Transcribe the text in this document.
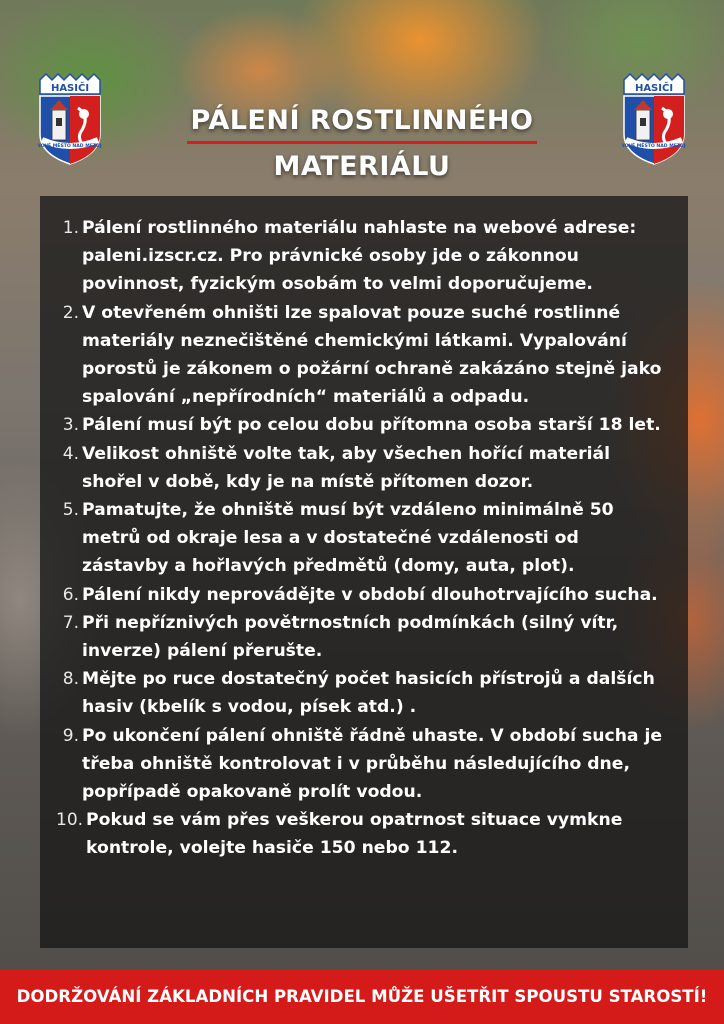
HASIČI
NOVÉ MĚSTO NAD METUJÍ
HASIČI
NOVÉ MĚSTO NAD METUJÍ
PÁLENÍ ROSTLINNÉHO
MATERIÁLU
1. Pálení rostlinného materiálu nahlaste na webové adrese: paleni.izscr.cz. Pro právnické osoby jde o zákonnou povinnost, fyzickým osobám to velmi doporučujeme.
2. V otevřeném ohništi lze spalovat pouze suché rostlinné materiály neznečištěné chemickými látkami. Vypalování porostů je zákonem o požární ochraně zakázáno stejně jako spalování „nepřírodních“ materiálů a odpadu.
3. Pálení musí být po celou dobu přítomna osoba starší 18 let.
4. Velikost ohniště volte tak, aby všechen hořící materiál shořel v době, kdy je na místě přítomen dozor.
5. Pamatujte, že ohniště musí být vzdáleno minimálně 50 metrů od okraje lesa a v dostatečné vzdálenosti od zástavby a hořlavých předmětů (domy, auta, plot).
6. Pálení nikdy neprovádějte v období dlouhotrvajícího sucha.
7. Při nepříznivých povětrnostních podmínkách (silný vítr, inverze) pálení přerušte.
8. Mějte po ruce dostatečný počet hasicích přístrojů a dalších hasiv (kbelík s vodou, písek atd.) .
9. Po ukončení pálení ohniště řádně uhaste. V období sucha je třeba ohniště kontrolovat i v průběhu následujícího dne, popřípadě opakovaně prolít vodou.
10. Pokud se vám přes veškerou opatrnost situace vymkne kontrole, volejte hasiče 150 nebo 112.
DODRŽOVÁNÍ ZÁKLADNÍCH PRAVIDEL MŮŽE UŠETŘIT SPOUSTU STAROSTÍ!
